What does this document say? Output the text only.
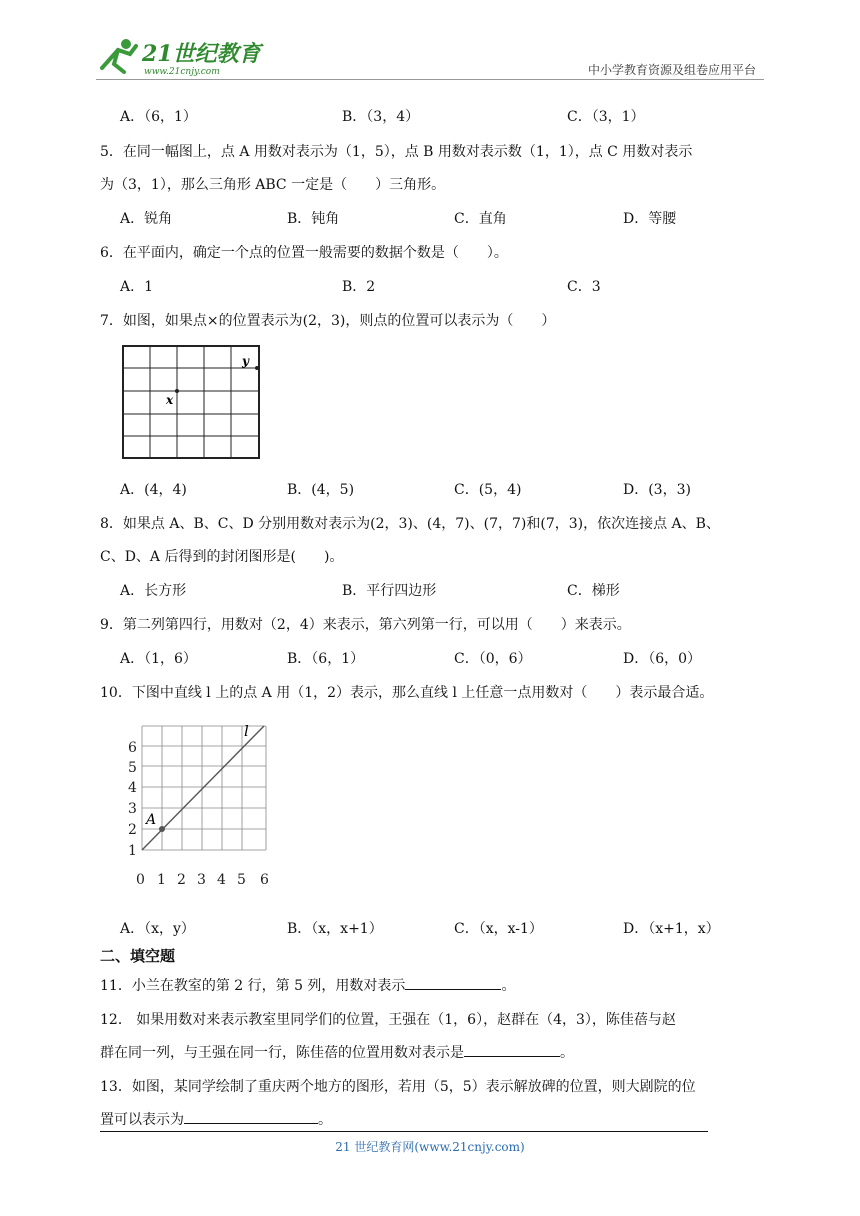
21世纪教育
www.21cnjy.com	中小学教育资源及组卷应用平台
A．（6，1）	B．（3，4）	C．（3，1）
5．在同一幅图上，点 A 用数对表示为（1，5），点 B 用数对表示数（1，1），点 C 用数对表示
为（3，1），那么三角形 ABC 一定是（　　）三角形。
A．锐角	B．钝角	C．直角	D．等腰
6．在平面内，确定一个点的位置一般需要的数据个数是（　　）。
A．1	B．2	C．3
7．如图，如果点×的位置表示为(2，3)，则点的位置可以表示为（　　）
y
x
A．(4，4)	B．(4，5)	C．(5，4)	D．(3，3)
8．如果点 A、B、C、D 分别用数对表示为(2，3)、(4，7)、(7，7)和(7，3)，依次连接点 A、B、
C、D、A 后得到的封闭图形是(　　)。
A．长方形	B．平行四边形	C．梯形
9．第二列第四行，用数对（2，4）来表示，第六列第一行，可以用（　　）来表示。
A．（1，6）	B．（6，1）	C．（0，6）	D．（6，0）
10．下图中直线 l 上的点 A 用（1，2）表示，那么直线 l 上任意一点用数对（　　）表示最合适。
1
2
3
4
5
6
0 1 2 3 4 5 6
l
A
A．（x，y）	B．（x，x+1）	C．（x，x-1）	D．（x+1，x）
二、填空题
11．小兰在教室的第 2 行，第 5 列，用数对表示	。
12． 如果用数对来表示教室里同学们的位置，王强在（1，6），赵群在（4，3），陈佳蓓与赵
群在同一列，与王强在同一行，陈佳蓓的位置用数对表示是	。
13．如图，某同学绘制了重庆两个地方的图形，若用（5，5）表示解放碑的位置，则大剧院的位
置可以表示为	。
21 世纪教育网(www.21cnjy.com)
